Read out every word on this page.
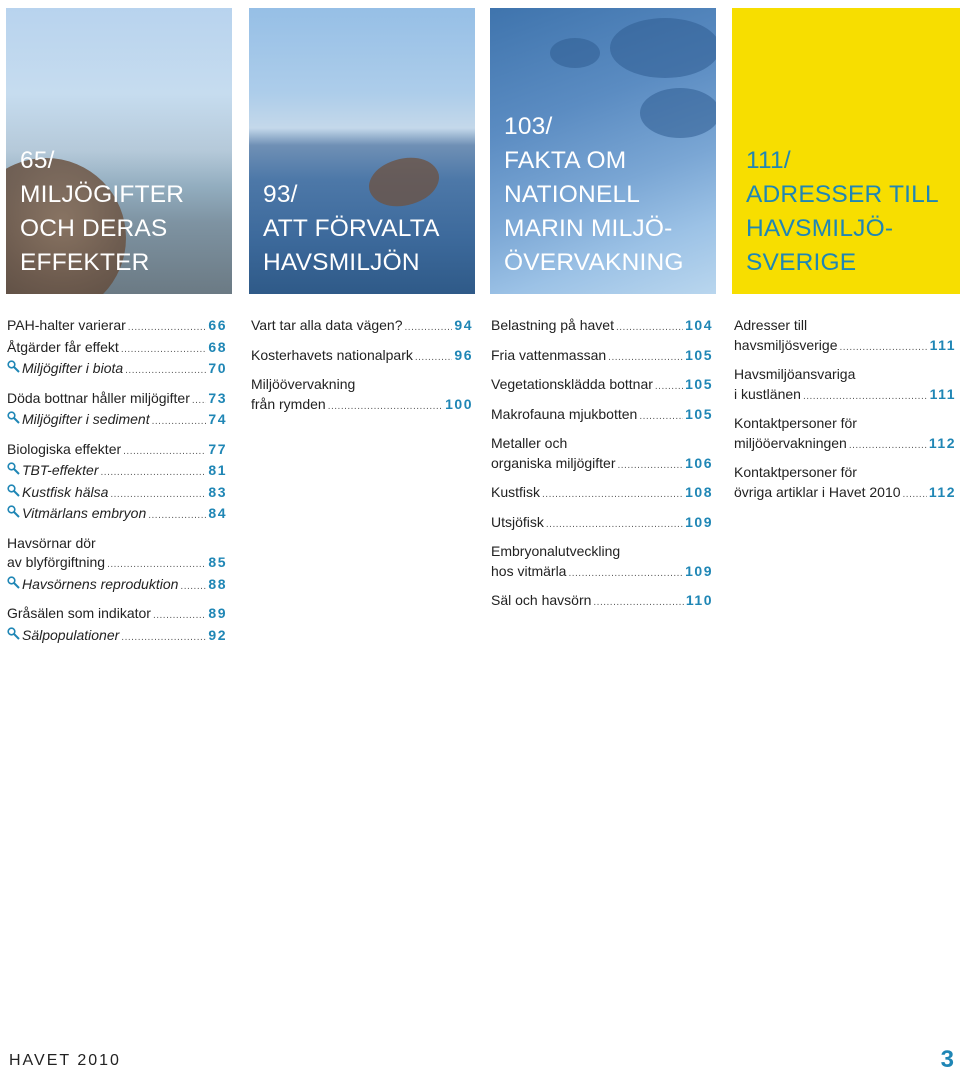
65/
MILJÖGIFTER
OCH DERAS
EFFEKTER
93/
ATT FÖRVALTA
HAVSMILJÖN
103/
FAKTA OM
NATIONELL
MARIN MILJÖ-
ÖVERVAKNING
111/
ADRESSER TILL
HAVSMILJÖ-
SVERIGE
PAH-halter varierar .....	66
Åtgärder får effekt .....	68
Miljögifter i biota .....	70
Döda bottnar håller miljögifter ..... 73
Miljögifter i sediment .....	74
Biologiska effekter .....	77
TBT-effekter .....	81
Kustfisk hälsa .....	83
Vitmärlans embryon .....	84
Havsörnar dör
av blyförgiftning .....	85
Havsörnens reproduktion ..... 88
Gråsälen som indikator .....	89
Sälpopulationer .....	92
Vart tar alla data vägen? .....	94
Kosterhavets nationalpark .....	96
Miljöövervakning
från rymden .....	100
Belastning på havet .....	104
Fria vattenmassan .....	105
Vegetationsklädda bottnar ..... 105
Makrofauna mjukbotten .....	105
Metaller och
organiska miljögifter .....	106
Kustfisk .....	108
Utsjöfisk .....	109
Embryonalutveckling
hos vitmärla .....	109
Säl och havsörn .....	110
Adresser till
havsmiljösverige .....	111
Havsmiljöansvariga
i kustlänen .....	111
Kontaktpersoner för
miljööervakningen .....	112
Kontaktpersoner för
övriga artiklar i Havet 2010 ..... 112
HAVET 2010	3
